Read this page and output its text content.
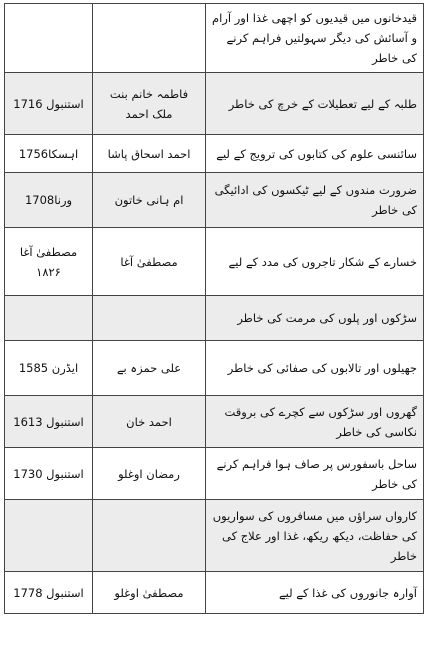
قیدخانوں میں قیدیوں کو اچھی غذا اور آرام و آسائش کی دیگر سہولتیں فراہم کرنے کی خاطر		
طلبہ کے لیے تعطیلات کے خرچ کی خاطر	فاطمہ خانم بنت ملک احمد	استنبول 1716
سائنسی علوم کی کتابوں کی ترویج کے لیے	احمد اسحاق پاشا	اہسکا1756
ضرورت مندوں کے لیے ٹیکسوں کی ادائیگی کی خاطر	ام ہانی خاتون	ورنا1708
خسارے کے شکار تاجروں کی مدد کے لیے	مصطفیٰ آغا	مصطفیٰ آغا ۱۸۲۶
سڑکوں اور پلوں کی مرمت کی خاطر		
جھیلوں اور تالابوں کی صفائی کی خاطر	علی حمزہ بے	ایڈرن 1585
گھروں اور سڑکوں سے کچرے کی بروقت نکاسی کی خاطر	احمد خان	استنبول 1613
ساحل باسفورس پر صاف ہوا فراہم کرنے کی خاطر	رمضان اوغلو	استنبول 1730
کارواں سراؤں میں مسافروں کی سواریوں کی حفاظت، دیکھ ریکھ، غذا اور علاج کی خاطر		
آوارہ جانوروں کی غذا کے لیے	مصطفیٰ اوغلو	استنبول 1778
